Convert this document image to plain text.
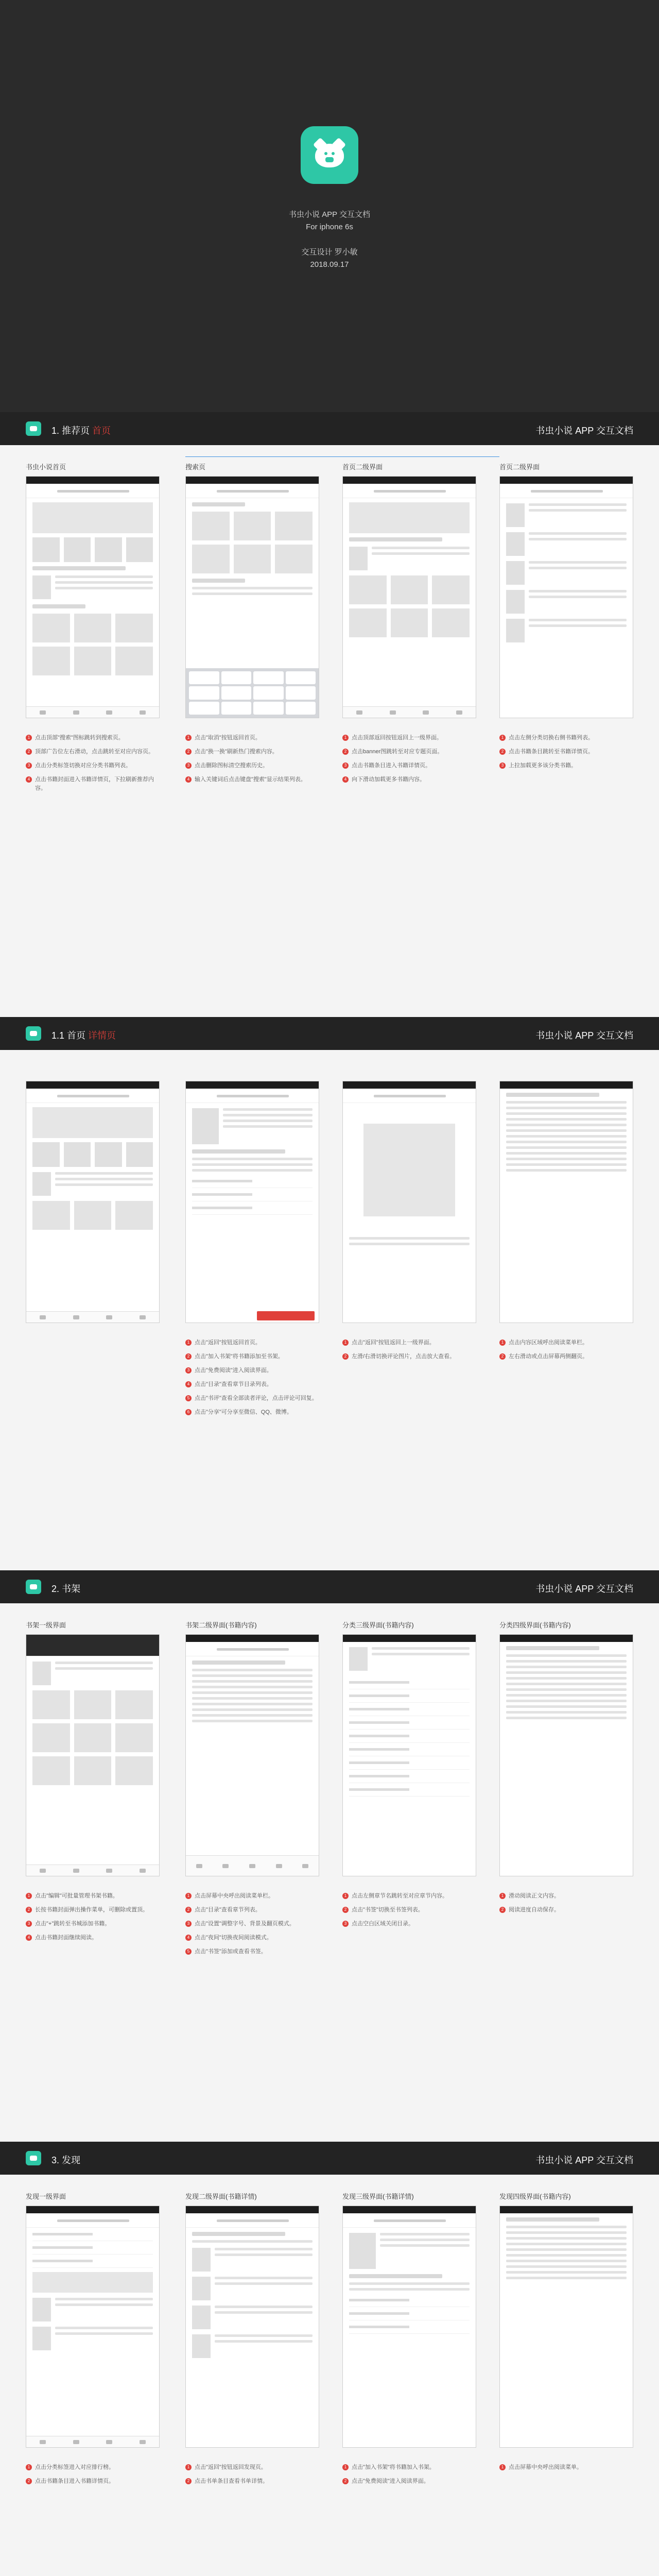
书虫小说 APP 交互文档
For iphone 6s
交互设计 罗小敏
2018.09.17
1. 推荐页 首页	书虫小说 APP 交互文档
书虫小说首页	搜索页	首页二级界面	首页二级界面
1 点击顶部"搜索"图标跳转到搜索页。
2 顶部广告位左右滑动，点击跳转至对应内容页。
3 点击分类标签切换对应分类书籍列表。
4 点击书籍封面进入书籍详情页，下拉刷新推荐内容。
1 点击"取消"按钮返回首页。
2 点击"换一换"刷新热门搜索内容。
3 点击删除图标清空搜索历史。
4 输入关键词后点击键盘"搜索"显示结果列表。
1 点击顶部返回按钮返回上一级界面。
2 点击banner图跳转至对应专题页面。
3 点击书籍条目进入书籍详情页。
4 向下滑动加载更多书籍内容。
1 点击左侧分类切换右侧书籍列表。
2 点击书籍条目跳转至书籍详情页。
3 上拉加载更多该分类书籍。
1.1 首页 详情页	书虫小说 APP 交互文档
1 点击"返回"按钮返回首页。
2 点击"加入书架"将书籍添加至书架。
3 点击"免费阅读"进入阅读界面。
4 点击"目录"查看章节目录列表。
5 点击"书评"查看全部读者评论，点击评论可回复。
6 点击"分享"可分享至微信、QQ、微博。
1 点击"返回"按钮返回上一级界面。
2 左滑/右滑切换评论图片，点击放大查看。
1 点击内容区域呼出阅读菜单栏。
2 左右滑动或点击屏幕两侧翻页。
2. 书架	书虫小说 APP 交互文档
书架一级界面	书架二级界面(书籍内容)	分类三级界面(书籍内容)	分类四级界面(书籍内容)
1 点击"编辑"可批量管理书架书籍。
2 长按书籍封面弹出操作菜单，可删除或置顶。
3 点击"+"跳转至书城添加书籍。
4 点击书籍封面继续阅读。
1 点击屏幕中央呼出阅读菜单栏。
2 点击"目录"查看章节列表。
3 点击"设置"调整字号、背景及翻页模式。
4 点击"夜间"切换夜间阅读模式。
5 点击"书签"添加或查看书签。
1 点击左侧章节名跳转至对应章节内容。
2 点击"书签"切换至书签列表。
3 点击空白区域关闭目录。
1 滑动阅读正文内容。
2 阅读进度自动保存。
3. 发现	书虫小说 APP 交互文档
发现一级界面	发现二级界面(书籍详情)	发现三级界面(书籍详情)	发现四级界面(书籍内容)
1 点击分类标签进入对应排行榜。
2 点击书籍条目进入书籍详情页。
1 点击"返回"按钮返回发现页。
2 点击书单条目查看书单详情。
1 点击"加入书架"将书籍加入书架。
2 点击"免费阅读"进入阅读界面。
1 点击屏幕中央呼出阅读菜单。
